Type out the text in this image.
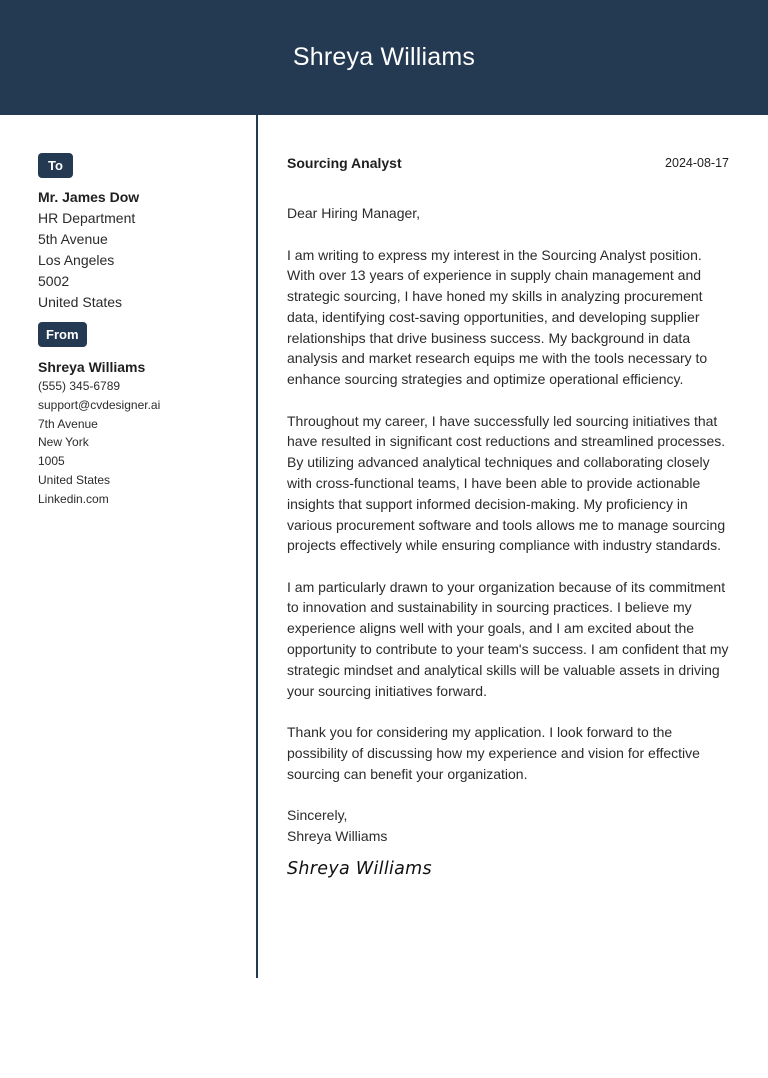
Shreya Williams
To
Mr. James Dow
HR Department
5th Avenue
Los Angeles
5002
United States
From
Shreya Williams
(555) 345-6789
support@cvdesigner.ai
7th Avenue
New York
1005
United States
Linkedin.com
Sourcing Analyst	2024-08-17
Dear Hiring Manager,
I am writing to express my interest in the Sourcing Analyst position. With over 13 years of experience in supply chain management and strategic sourcing, I have honed my skills in analyzing procurement data, identifying cost-saving opportunities, and developing supplier relationships that drive business success. My background in data analysis and market research equips me with the tools necessary to enhance sourcing strategies and optimize operational efficiency.
Throughout my career, I have successfully led sourcing initiatives that have resulted in significant cost reductions and streamlined processes. By utilizing advanced analytical techniques and collaborating closely with cross-functional teams, I have been able to provide actionable insights that support informed decision-making. My proficiency in various procurement software and tools allows me to manage sourcing projects effectively while ensuring compliance with industry standards.
I am particularly drawn to your organization because of its commitment to innovation and sustainability in sourcing practices. I believe my experience aligns well with your goals, and I am excited about the opportunity to contribute to your team's success. I am confident that my strategic mindset and analytical skills will be valuable assets in driving your sourcing initiatives forward.
Thank you for considering my application. I look forward to the possibility of discussing how my experience and vision for effective sourcing can benefit your organization.
Sincerely,
Shreya Williams
Shreya Williams
